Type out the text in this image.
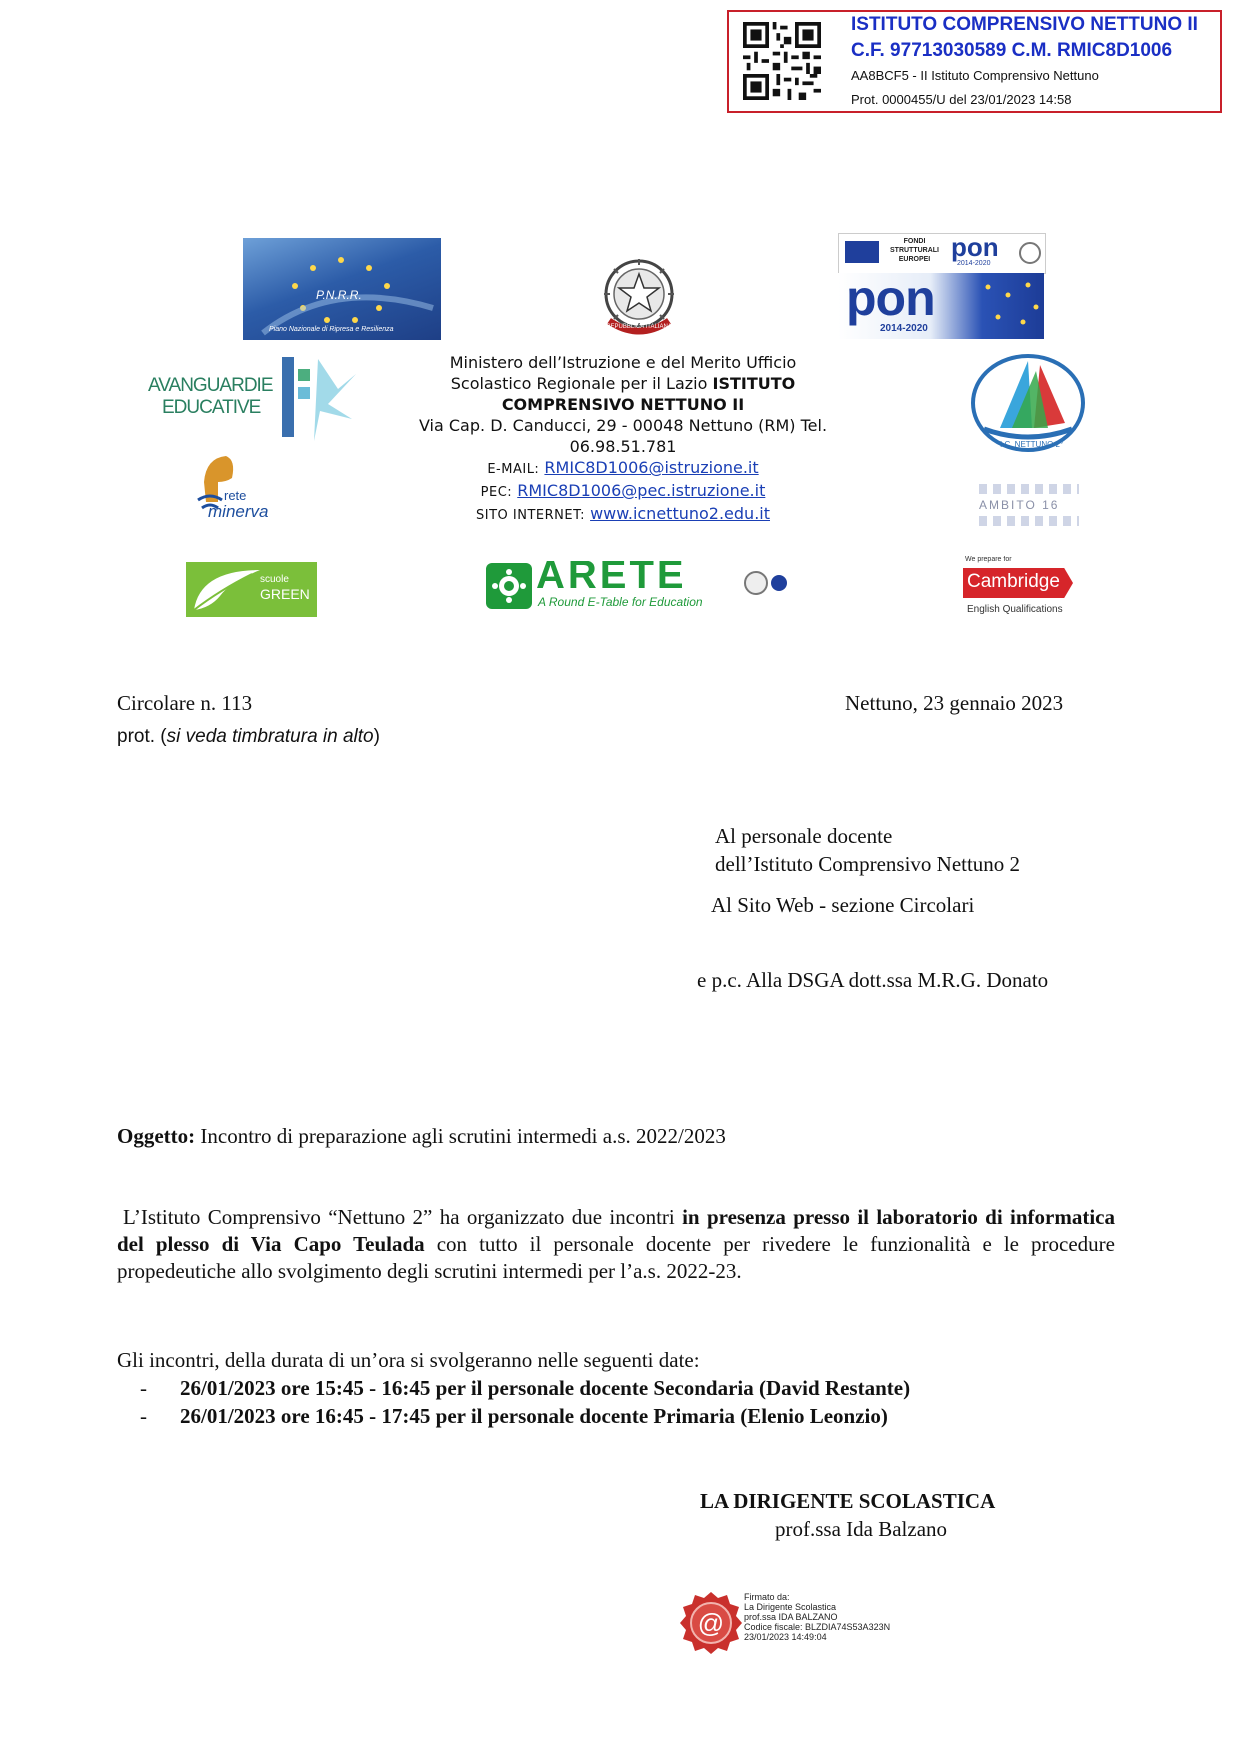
ISTITUTO COMPRENSIVO NETTUNO II
C.F. 97713030589 C.M. RMIC8D1006
AA8BCF5 - II Istituto Comprensivo Nettuno
Prot. 0000455/U del 23/01/2023 14:58
P.N.R.R.
Piano Nazionale di Ripresa e Resilienza	REPUBBLICA ITALIANA
FONDI STRUTTURALI EUROPEI pon
2014-2020
pon
2014-2020
AVANGUARDIE
EDUCATIVE
Ministero dell’Istruzione e del Merito Ufficio
Scolastico Regionale per il Lazio ISTITUTO
COMPRENSIVO NETTUNO II
Via Cap. D. Canducci, 29 - 00048 Nettuno (RM) Tel.
06.98.51.781
E-MAIL: RMIC8D1006@istruzione.it
PEC: RMIC8D1006@pec.istruzione.it
SITO INTERNET: www.icnettuno2.edu.it
I.C. NETTUNO 2°
rete
minerva	AMBITO 16
scuole
GREEN	ARETE
A Round E-Table for Education
We prepare for
Cambridge
English Qualifications
Circolare n. 113	Nettuno, 23 gennaio 2023
prot. (si veda timbratura in alto)
Al personale docente
dell’Istituto Comprensivo Nettuno 2
Al Sito Web - sezione Circolari
e p.c. Alla DSGA dott.ssa M.R.G. Donato
Oggetto: Incontro di preparazione agli scrutini intermedi a.s. 2022/2023
L’Istituto Comprensivo “Nettuno 2” ha organizzato due incontri in presenza presso il laboratorio di informatica del plesso di Via Capo Teulada con tutto il personale docente per rivedere le funzionalità e le procedure propedeutiche allo svolgimento degli scrutini intermedi per l’a.s. 2022-23.
Gli incontri, della durata di un’ora si svolgeranno nelle seguenti date:
- 26/01/2023 ore 15:45 - 16:45 per il personale docente Secondaria (David Restante)
- 26/01/2023 ore 16:45 - 17:45 per il personale docente Primaria (Elenio Leonzio)
LA DIRIGENTE SCOLASTICA
prof.ssa Ida Balzano
@
Firmato da:
La Dirigente Scolastica
prof.ssa IDA BALZANO
Codice fiscale: BLZDIA74S53A323N
23/01/2023 14:49:04
